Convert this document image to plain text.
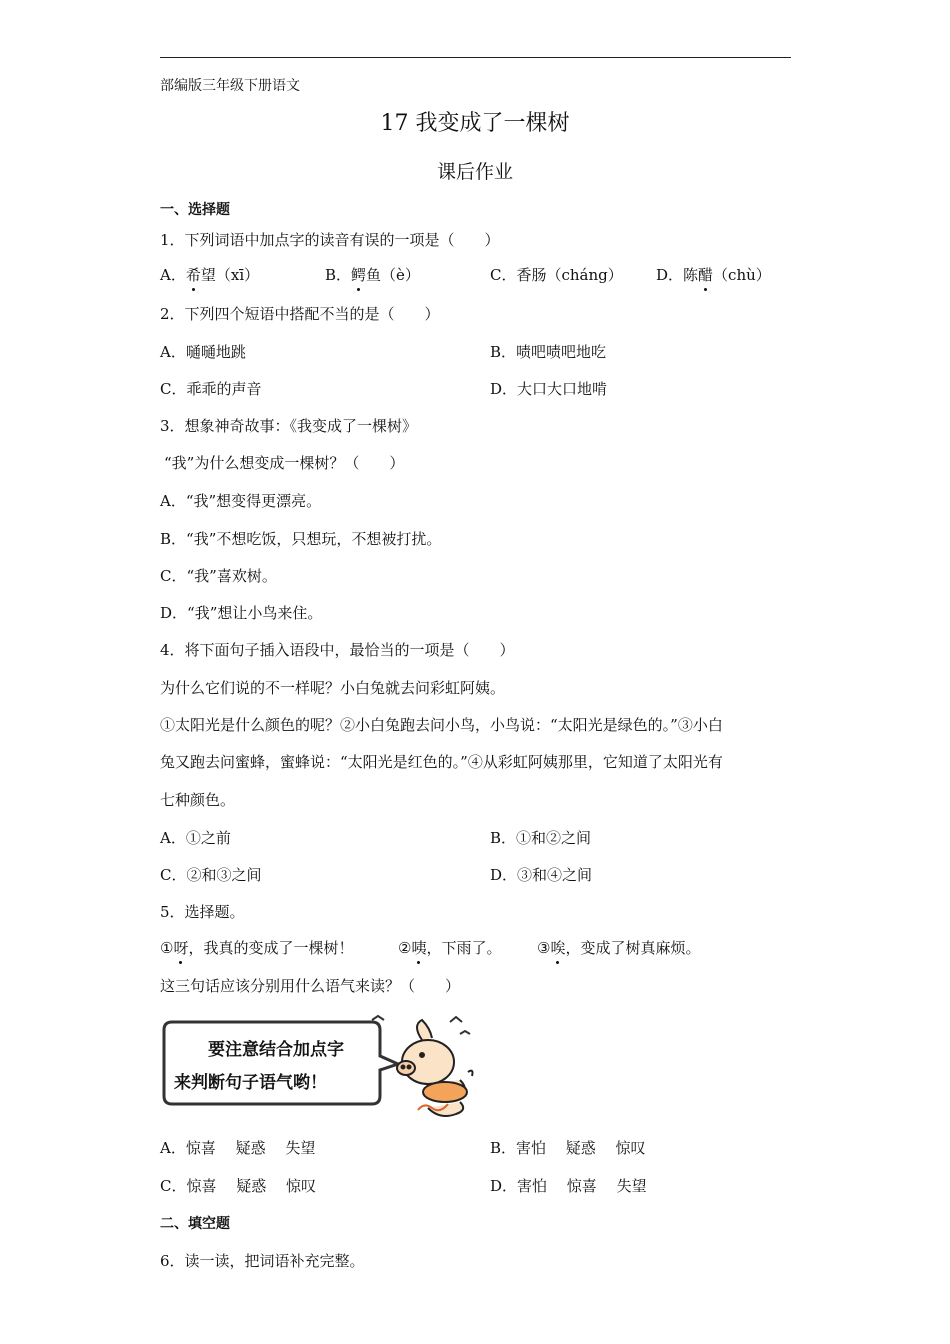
部编版三年级下册语文
17 我变成了一棵树
课后作业
一、选择题
1．下列词语中加点字的读音有误的一项是（　　）
A．希望（xī）	B．鳄鱼（è）	C．香肠（cháng） D．陈醋（chù）
2．下列四个短语中搭配不当的是（　　）
A．嗵嗵地跳	B．啧吧啧吧地吃
C．乖乖的声音	D．大口大口地啃
3．想象神奇故事：《我变成了一棵树》
“我”为什么想变成一棵树？（　　）
A．“我”想变得更漂亮。
B．“我”不想吃饭，只想玩，不想被打扰。
C．“我”喜欢树。
D．“我”想让小鸟来住。
4．将下面句子插入语段中，最恰当的一项是（　　）
为什么它们说的不一样呢？小白兔就去问彩虹阿姨。
①太阳光是什么颜色的呢？②小白兔跑去问小鸟，小鸟说：“太阳光是绿色的。”③小白
兔又跑去问蜜蜂，蜜蜂说：“太阳光是红色的。”④从彩虹阿姨那里，它知道了太阳光有
七种颜色。
A．①之前	B．①和②之间
C．②和③之间	D．③和④之间
5．选择题。
①呀，我真的变成了一棵树！	②咦，下雨了。 ③唉，变成了树真麻烦。
这三句话应该分别用什么语气来读？（　　）
要注意结合加点字
来判断句子语气哟！
A．惊喜　 疑惑　 失望	B．害怕　 疑惑　 惊叹
C．惊喜　 疑惑　 惊叹	D．害怕　 惊喜　 失望
二、填空题
6．读一读，把词语补充完整。
